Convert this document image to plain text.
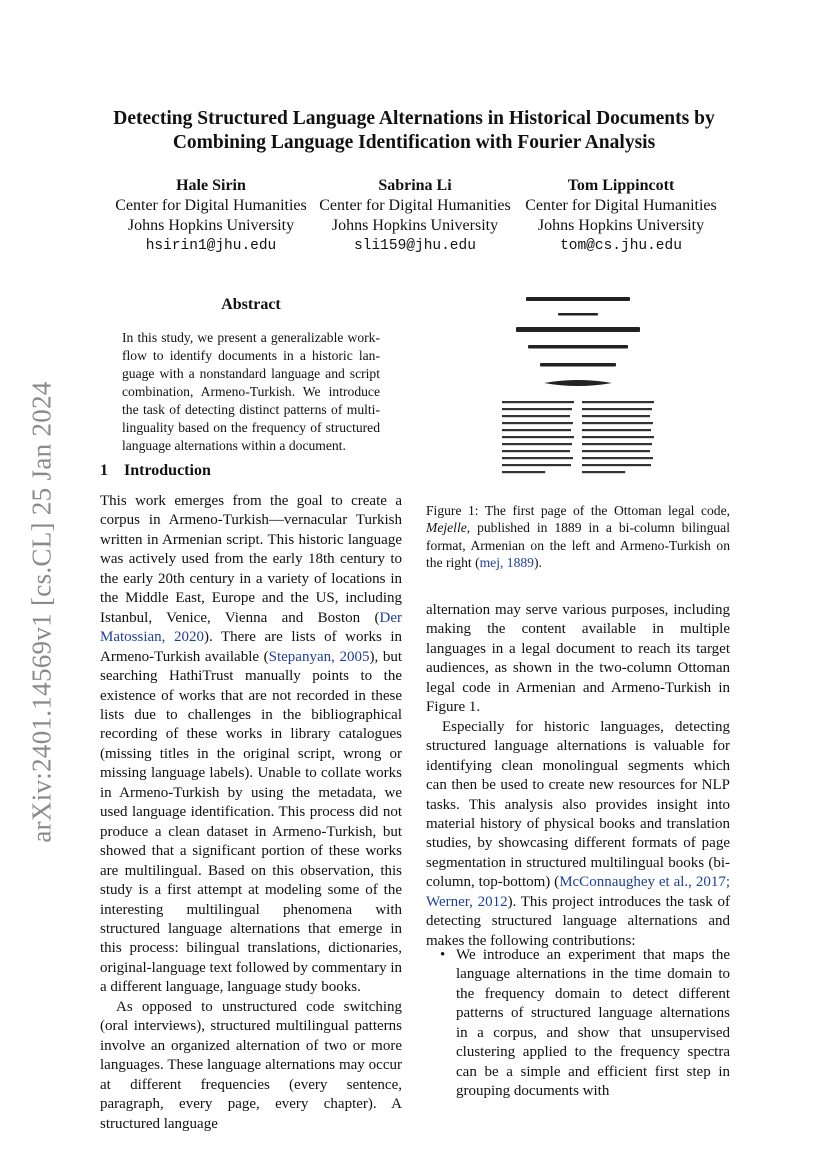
arXiv:2401.14569v1 [cs.CL] 25 Jan 2024
Detecting Structured Language Alternations in Historical Documents by Combining Language Identification with Fourier Analysis
Hale Sirin
Center for Digital Humanities
Johns Hopkins University
hsirin1@jhu.edu
Sabrina Li
Center for Digital Humanities
Johns Hopkins University
sli159@jhu.edu
Tom Lippincott
Center for Digital Humanities
Johns Hopkins University
tom@cs.jhu.edu
Abstract
In this study, we present a generalizable workflow to identify documents in a historic language with a nonstandard language and script combination, Armeno-Turkish. We introduce the task of detecting distinct patterns of multilinguality based on the frequency of structured language alternations within a document.
1 Introduction

This work emerges from the goal to create a corpus in Armeno-Turkish—vernacular Turkish written in Armenian script. This historic language was actively used from the early 18th century to the early 20th century in a variety of locations in the Middle East, Europe and the US, including Istanbul, Venice, Vienna and Boston (Der Matossian, 2020). There are lists of works in Armeno-Turkish available (Stepanyan, 2005), but searching HathiTrust manually points to the existence of works that are not recorded in these lists due to challenges in the bibliographical recording of these works in library catalogues (missing titles in the original script, wrong or missing language labels). Unable to collate works in Armeno-Turkish by using the metadata, we used language identification. This process did not produce a clean dataset in Armeno-Turkish, but showed that a significant portion of these works are multilingual. Based on this observation, this study is a first attempt at modeling some of the interesting multilingual phenomena with structured language alternations that emerge in this process: bilingual translations, dictionaries, original-language text followed by commentary in a different language, language study books.

As opposed to unstructured code switching (oral interviews), structured multilingual patterns involve an organized alternation of two or more languages. These language alternations may occur at different frequencies (every sentence, paragraph, every page, every chapter). A structured language

Figure 1: The first page of the Ottoman legal code, Mejelle, published in 1889 in a bi-column bilingual format, Armenian on the left and Armeno-Turkish on the right (mej, 1889).

alternation may serve various purposes, including making the content available in multiple languages in a legal document to reach its target audiences, as shown in the two-column Ottoman legal code in Armenian and Armeno-Turkish in Figure 1.

Especially for historic languages, detecting structured language alternations is valuable for identifying clean monolingual segments which can then be used to create new resources for NLP tasks. This analysis also provides insight into material history of physical books and translation studies, by showcasing different formats of page segmentation in structured multilingual books (bi-column, top-bottom) (McConnaughey et al., 2017; Werner, 2012). This project introduces the task of detecting structured language alternations and makes the following contributions:

• We introduce an experiment that maps the language alternations in the time domain to the frequency domain to detect different patterns of structured language alternations in a corpus, and show that unsupervised clustering applied to the frequency spectra can be a simple and efficient first step in grouping documents with
